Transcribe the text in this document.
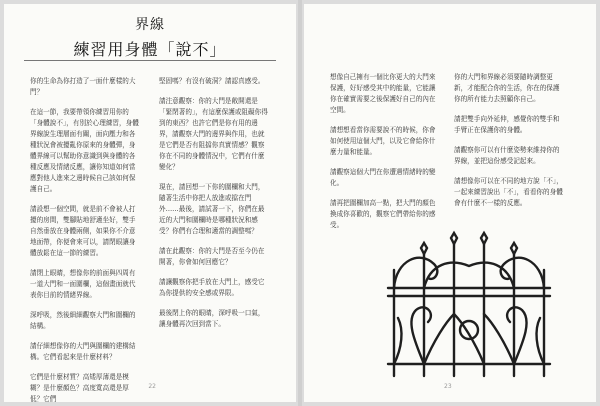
界線
練習用身體「說不」

你的生命為你打造了一面什麼樣的大門？

在這一節，我要帶領你練習用你的「身體說不」，有別於心理練習，身體界線說生理層面有關，面向壓力和各種狀況會被擾亂你原來的身體彈，身體界線可以幫助你意識到與身體的各種反應及情緒反應，讓你知道如何當應對他人進來之邊時候自己該如何保護自己。

請設想一個空間，就是前不會被人打擾的房間，雙腳貼地舒適坐好，雙手自然垂放在身體兩側，如果你不介意地面帶，你便會來可以，請閉眼讓身體放鬆在這一節的練習。

請閉上眼睛，想像你的前面與四周有一道大門和一面圍欄，這個畫面就代表你目前的情緒界線。

深呼吸，然後細細觀察大門和圍欄的結構。

請仔細想像你的大門與圍欄的建構結構。它們看起來是什麼材料？

它們是什麼材質？高矮厚薄還是模糊？是什麼顏色？高度寬高還是厚低？它們

堅固嗎？有沒有破洞？請認真感受。

請注意觀察：你的大門是敞開還是「緊閉著的」，有這麼保護或阻礙你得到的東西？也許它們是你有用的邊界，請觀察大門的邊界與作用，也就是它們是否有阻擋你真實情感？觀察你在不同的身體情況中，它們有什麼變化？

現在，請回想一下你的圍欄和大門，隨著生活中你把人放進或擋在門外……最後，請試著一下，你們在最近的大門和圍欄時是哪種狀況和感受？你們有合理和適當的調整嗎？

請在此觀察：你的大門是否至今仍在開著，你會如何回應它？

請讓觀察你把手放在大門上，感受它為你提供的安全感或界限。

最後閉上你的眼睛，深呼吸一口氣，讓身體再次回到當下。

22

想像自己擁有一個比你更大的大門來保護，好好感受其中的能量，它能讓你在確實需要之後保護好自己的內在空間。

請想想看當你需要說不的時候，你會如何使用這個大門，以及它會給你什麼力量和能量。

請觀察這個大門在你遭遇情緒時的變化。

請再把圍欄加高一點，把大門的顏色換成你喜歡的，觀察它們帶給你的感受。

你的大門和界線必須要隨時調整更新，才能配合你的生活，你在的保護你的所有能力去照顧你自己。

請把雙手向外延伸，感覺你的雙手和手臂正在保護你的身體。

請觀察你可以有什麼姿勢來維持你的界線，並把這份感受記起來。

請想像你可以在不同的地方說「不」，一起來練習說出「不」，看看你的身體會有什麼不一樣的反應。

23
